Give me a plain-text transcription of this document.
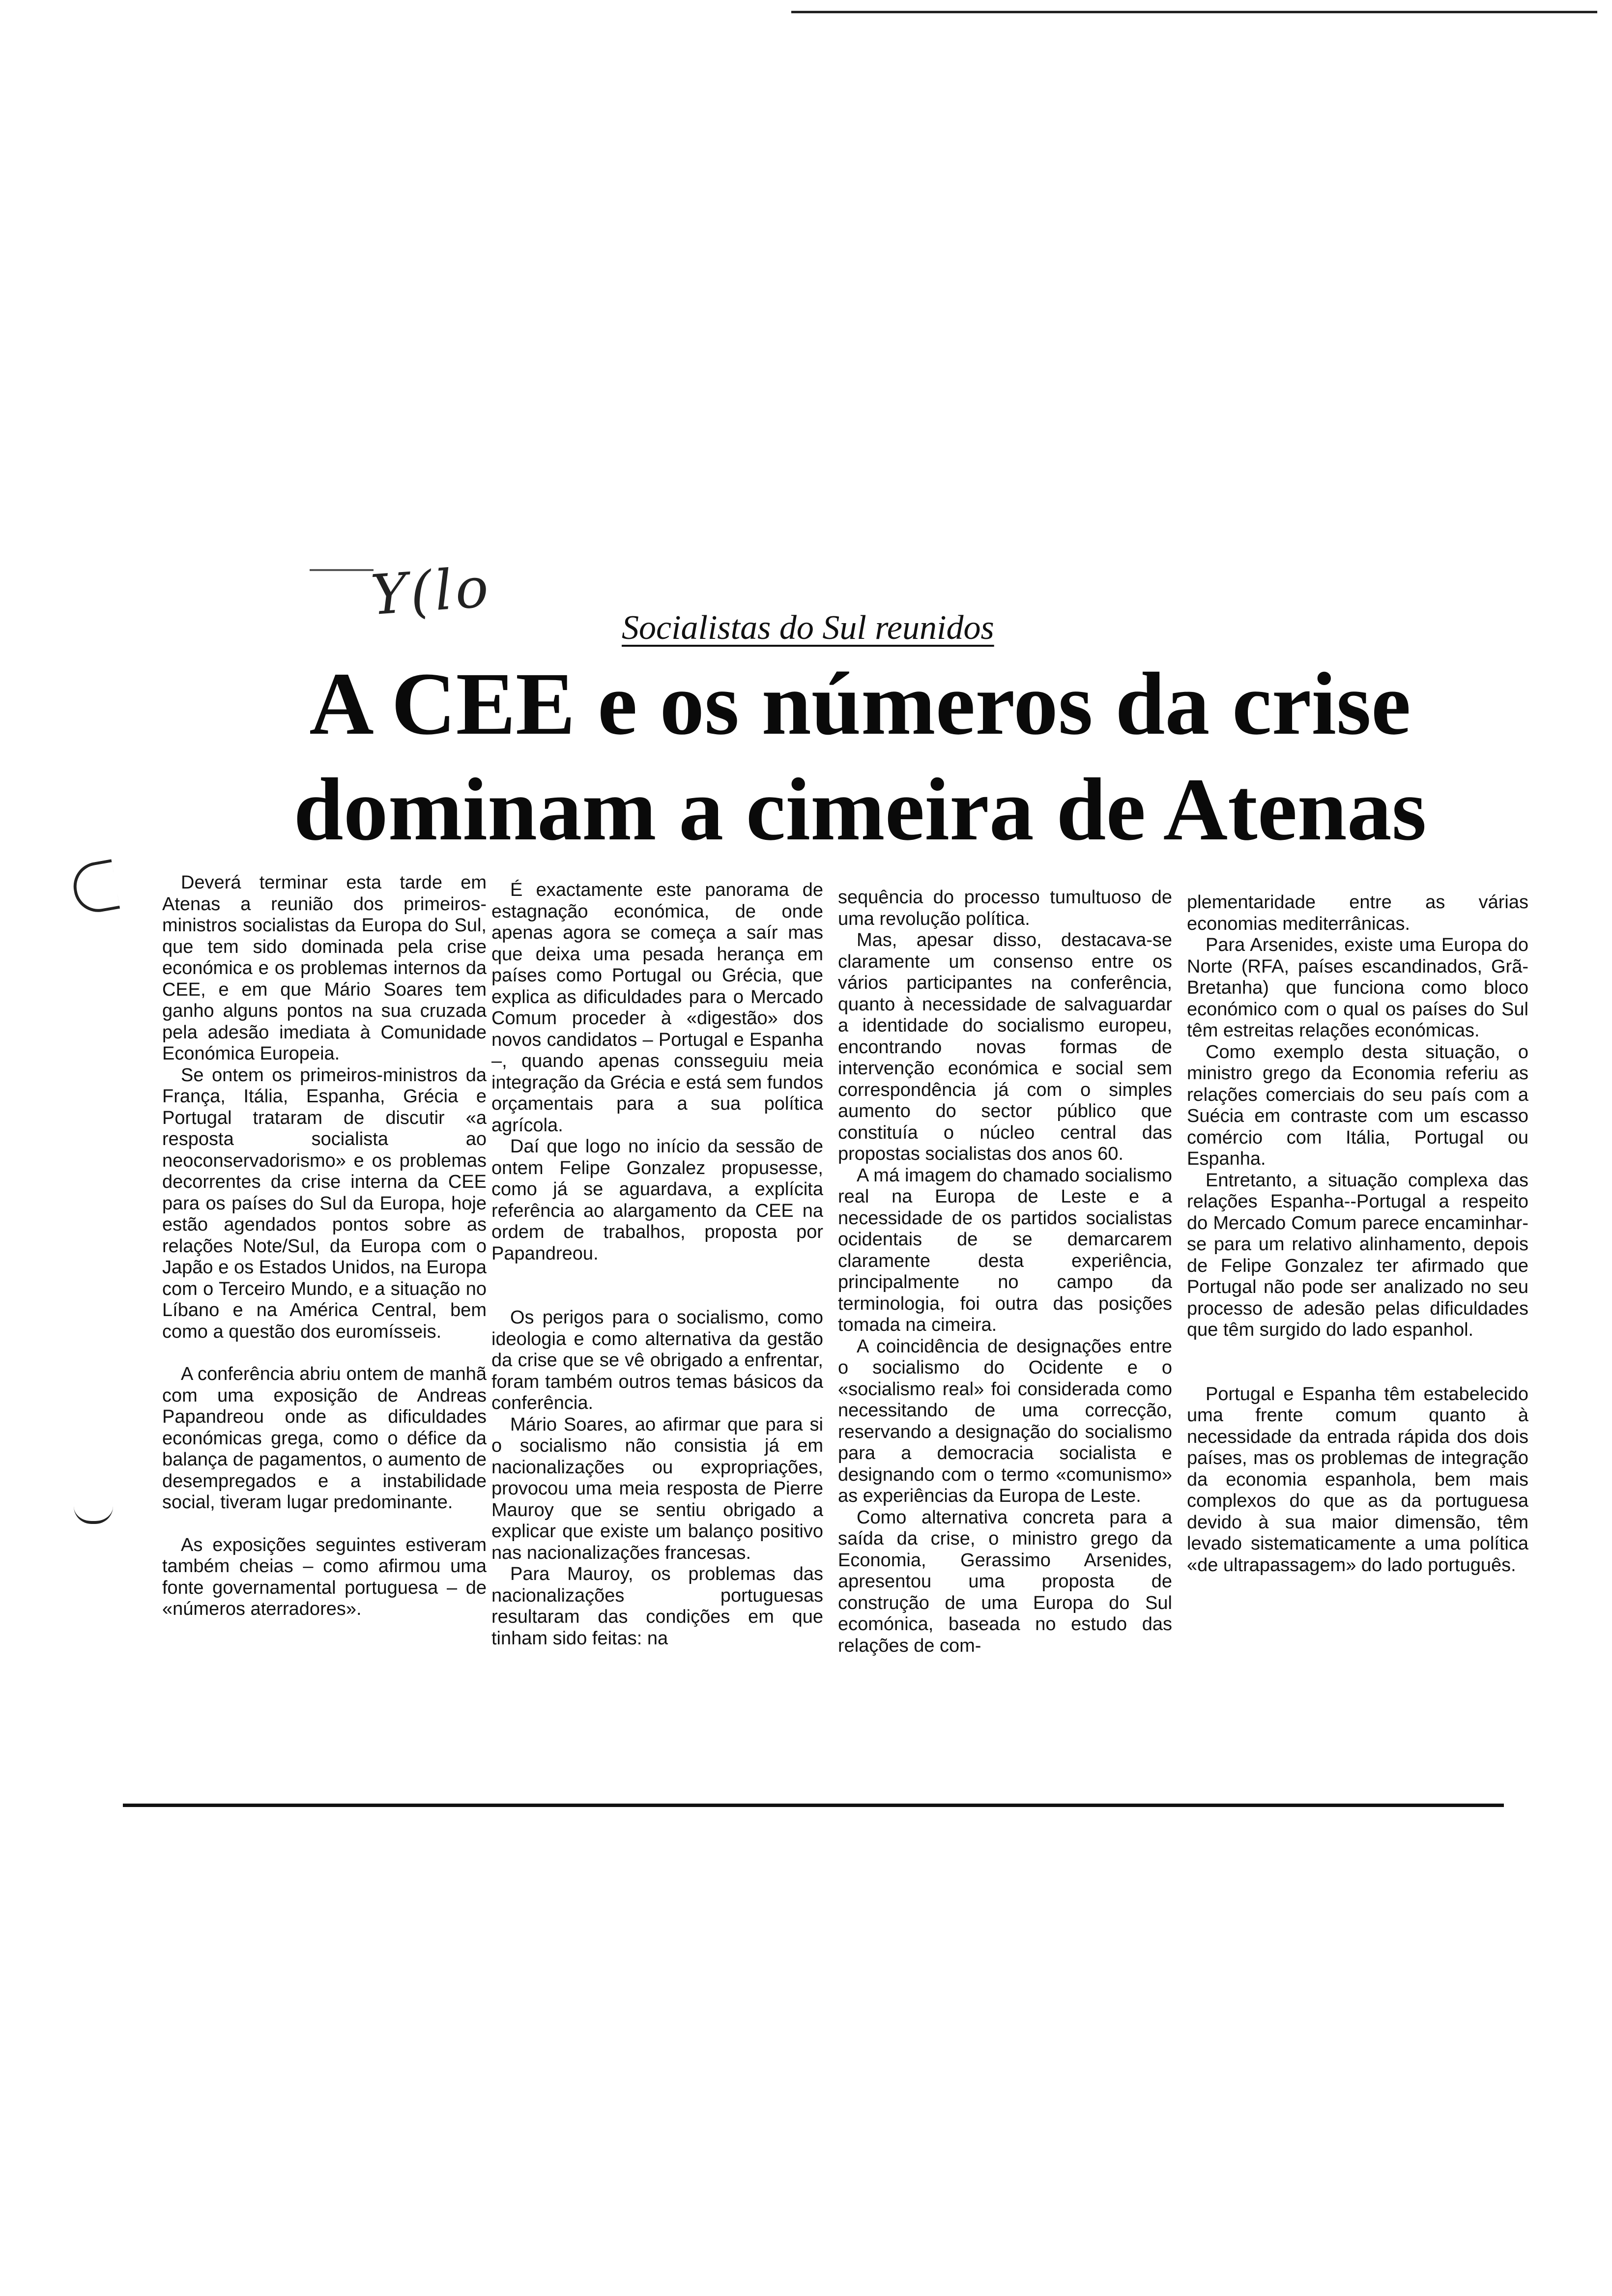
Y(lo
Socialistas do Sul reunidos
A CEE e os números da crise
dominam a cimeira de Atenas

Deverá terminar esta tarde em Atenas a reunião dos primeiros-ministros socialistas da Europa do Sul, que tem sido dominada pela crise económica e os problemas internos da CEE, e em que Mário Soares tem ganho alguns pontos na sua cruzada pela adesão imediata à Comunidade Económica Europeia.

Se ontem os primeiros-ministros da França, Itália, Espanha, Grécia e Portugal trataram de discutir «a resposta socialista ao neoconservadorismo» e os problemas decorrentes da crise interna da CEE para os países do Sul da Europa, hoje estão agendados pontos sobre as relações Note/Sul, da Europa com o Japão e os Estados Unidos, na Europa com o Terceiro Mundo, e a situação no Líbano e na América Central, bem como a questão dos euromísseis.

A conferência abriu ontem de manhã com uma exposição de Andreas Papandreou onde as dificuldades económicas grega, como o défice da balança de pagamentos, o aumento de desempregados e a instabilidade social, tiveram lugar predominante.

As exposições seguintes estiveram também cheias – como afirmou uma fonte governamental portuguesa – de «números aterradores».

É exactamente este panorama de estagnação económica, de onde apenas agora se começa a saír mas que deixa uma pesada herança em países como Portugal ou Grécia, que explica as dificuldades para o Mercado Comum proceder à «digestão» dos novos candidatos – Portugal e Espanha –, quando apenas consseguiu meia integração da Grécia e está sem fundos orçamentais para a sua política agrícola.

Daí que logo no início da sessão de ontem Felipe Gonzalez propusesse, como já se aguardava, a explícita referência ao alargamento da CEE na ordem de trabalhos, proposta por Papandreou.

Os perigos para o socialismo, como ideologia e como alternativa da gestão da crise que se vê obrigado a enfrentar, foram também outros temas básicos da conferência.

Mário Soares, ao afirmar que para si o socialismo não consistia já em nacionalizações ou expropriações, provocou uma meia resposta de Pierre Mauroy que se sentiu obrigado a explicar que existe um balanço positivo nas nacionalizações francesas.

Para Mauroy, os problemas das nacionalizações portuguesas resultaram das condições em que tinham sido feitas: na

sequência do processo tumultuoso de uma revolução política.

Mas, apesar disso, destacava-se claramente um consenso entre os vários participantes na conferência, quanto à necessidade de salvaguardar a identidade do socialismo europeu, encontrando novas formas de intervenção económica e social sem correspondência já com o simples aumento do sector público que constituía o núcleo central das propostas socialistas dos anos 60.

A má imagem do chamado socialismo real na Europa de Leste e a necessidade de os partidos socialistas ocidentais de se demarcarem claramente desta experiência, principalmente no campo da terminologia, foi outra das posições tomada na cimeira.

A coincidência de designações entre o socialismo do Ocidente e o «socialismo real» foi considerada como necessitando de uma correcção, reservando a designação do socialismo para a democracia socialista e designando com o termo «comunismo» as experiências da Europa de Leste.

Como alternativa concreta para a saída da crise, o ministro grego da Economia, Gerassimo Arsenides, apresentou uma proposta de construção de uma Europa do Sul ecomónica, baseada no estudo das relações de com-

plementaridade entre as várias economias mediterrânicas.

Para Arsenides, existe uma Europa do Norte (RFA, países escandinados, Grã-Bretanha) que funciona como bloco económico com o qual os países do Sul têm estreitas relações económicas.

Como exemplo desta situação, o ministro grego da Economia referiu as relações comerciais do seu país com a Suécia em contraste com um escasso comércio com Itália, Portugal ou Espanha.

Entretanto, a situação complexa das relações Espanha--Portugal a respeito do Mercado Comum parece encaminhar-se para um relativo alinhamento, depois de Felipe Gonzalez ter afirmado que Portugal não pode ser analizado no seu processo de adesão pelas dificuldades que têm surgido do lado espanhol.

Portugal e Espanha têm estabelecido uma frente comum quanto à necessidade da entrada rápida dos dois países, mas os problemas de integração da economia espanhola, bem mais complexos do que as da portuguesa devido à sua maior dimensão, têm levado sistematicamente a uma política «de ultrapassagem» do lado português.
